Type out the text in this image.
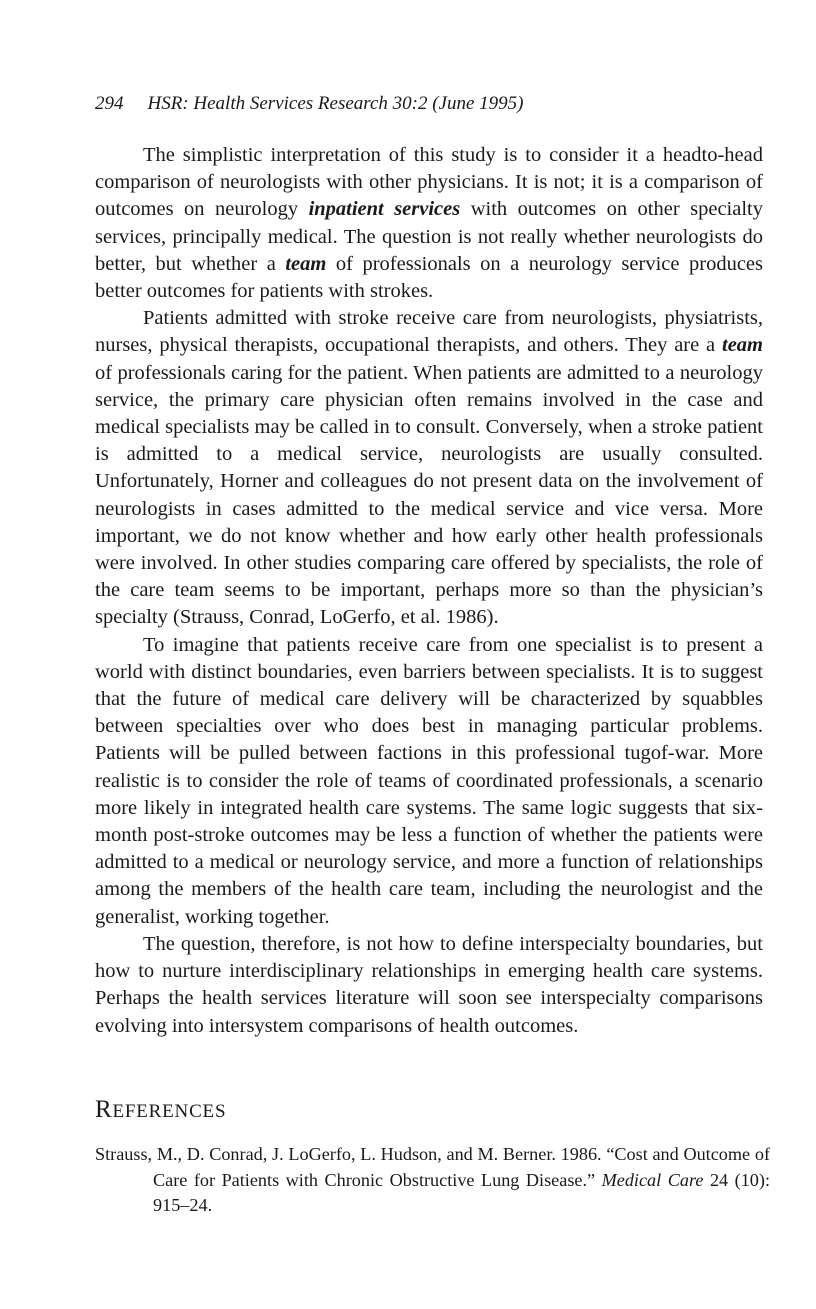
294 HSR: Health Services Research 30:2 (June 1995)

The simplistic interpretation of this study is to consider it a headto-head comparison of neurologists with other physicians. It is not; it is a comparison of outcomes on neurology inpatient services with outcomes on other specialty services, principally medical. The question is not really whether neurologists do better, but whether a team of professionals on a neurology service produces better outcomes for patients with strokes.

Patients admitted with stroke receive care from neurologists, physiatrists, nurses, physical therapists, occupational therapists, and others. They are a team of professionals caring for the patient. When patients are admitted to a neurology service, the primary care physician often remains involved in the case and medical specialists may be called in to consult. Conversely, when a stroke patient is admitted to a medical service, neurologists are usually consulted. Unfortunately, Horner and colleagues do not present data on the involvement of neurologists in cases admitted to the medical service and vice versa. More important, we do not know whether and how early other health professionals were involved. In other studies comparing care offered by specialists, the role of the care team seems to be important, perhaps more so than the physician’s specialty (Strauss, Conrad, LoGerfo, et al. 1986).

To imagine that patients receive care from one specialist is to present a world with distinct boundaries, even barriers between specialists. It is to suggest that the future of medical care delivery will be characterized by squabbles between specialties over who does best in managing particular problems. Patients will be pulled between factions in this professional tugof-war. More realistic is to consider the role of teams of coordinated professionals, a scenario more likely in integrated health care systems. The same logic suggests that six-month post-stroke outcomes may be less a function of whether the patients were admitted to a medical or neurology service, and more a function of relationships among the members of the health care team, including the neurologist and the generalist, working together.

The question, therefore, is not how to define interspecialty boundaries, but how to nurture interdisciplinary relationships in emerging health care systems. Perhaps the health services literature will soon see interspecialty comparisons evolving into intersystem comparisons of health outcomes.

REFERENCES

Strauss, M., D. Conrad, J. LoGerfo, L. Hudson, and M. Berner. 1986. “Cost and Outcome of Care for Patients with Chronic Obstructive Lung Disease.” Medical Care 24 (10): 915–24.
